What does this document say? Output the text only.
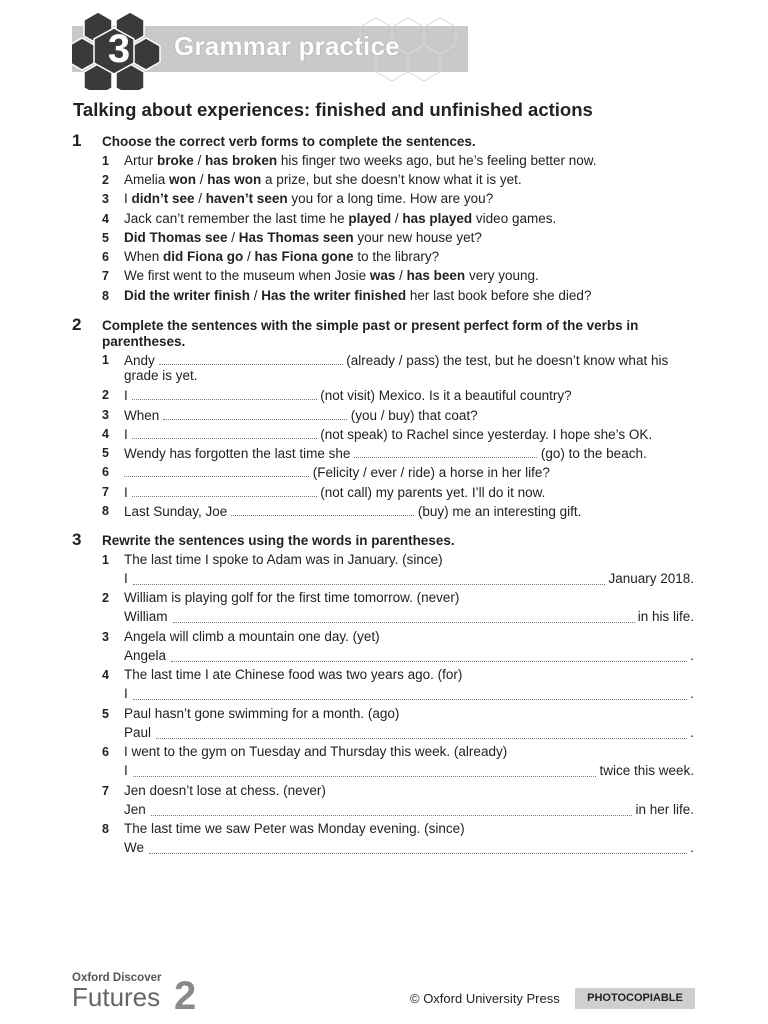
3	Grammar practice
Talking about experiences: finished and unfinished actions
1 Choose the correct verb forms to complete the sentences.
1	Artur broke / has broken his finger two weeks ago, but he’s feeling better now.
2	Amelia won / has won a prize, but she doesn’t know what it is yet.
3	I didn’t see / haven’t seen you for a long time. How are you?
4	Jack can’t remember the last time he played / has played video games.
5	Did Thomas see / Has Thomas seen your new house yet?
6	When did Fiona go / has Fiona gone to the library?
7	We first went to the museum when Josie was / has been very young.
8	Did the writer finish / Has the writer finished her last book before she died?
2 Complete the sentences with the simple past or present perfect form of the verbs in parentheses.
1	Andy	(already / pass) the test, but he doesn’t know what his
grade is yet.
2	I	(not visit) Mexico. Is it a beautiful country?
3	When	(you / buy) that coat?
4	I	(not speak) to Rachel since yesterday. I hope she’s OK.
5	Wendy has forgotten the last time she	(go) to the beach.
6	(Felicity / ever / ride) a horse in her life?
7	I	(not call) my parents yet. I’ll do it now.
8	Last Sunday, Joe	(buy) me an interesting gift.
3 Rewrite the sentences using the words in parentheses.
1	The last time I spoke to Adam was in January. (since)
I	January 2018.
2	William is playing golf for the first time tomorrow. (never)
William	in his life.
3	Angela will climb a mountain one day. (yet)
Angela	.
4	The last time I ate Chinese food was two years ago. (for)
I	.
5	Paul hasn’t gone swimming for a month. (ago)
Paul	.
6	I went to the gym on Tuesday and Thursday this week. (already)
I	twice this week.
7	Jen doesn’t lose at chess. (never)
Jen	in her life.
8	The last time we saw Peter was Monday evening. (since)
We	.
Oxford Discover
Futures 2	© Oxford University Press	PHOTOCOPIABLE
